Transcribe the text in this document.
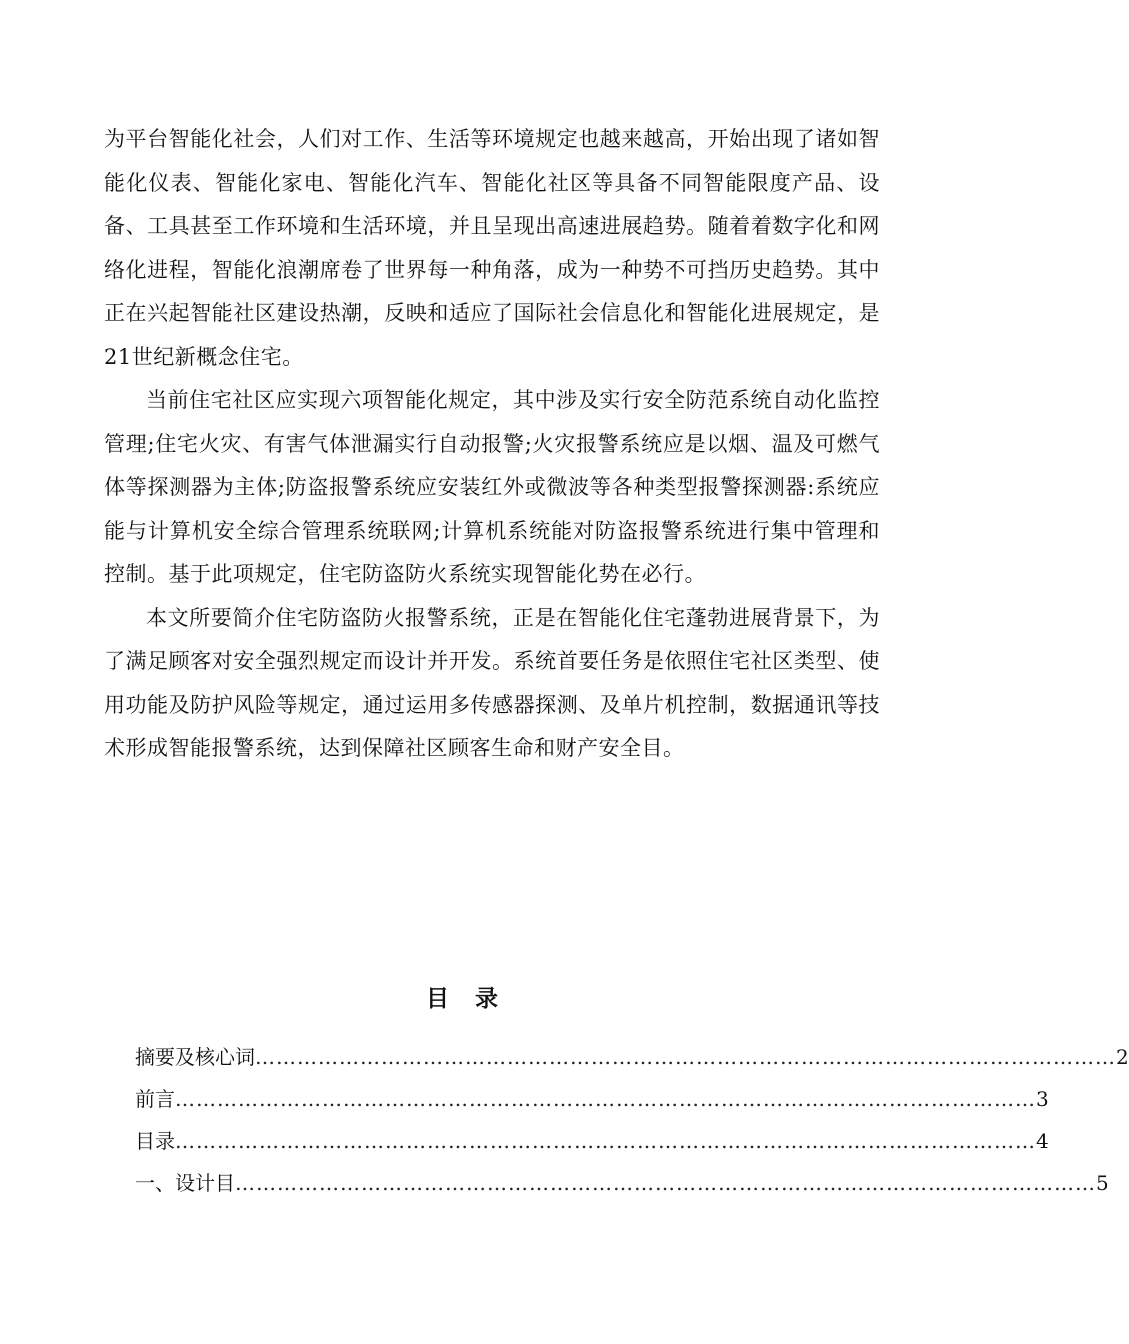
为平台智能化社会，人们对工作、生活等环境规定也越来越高，开始出现了诸如智能化仪表、智能化家电、智能化汽车、智能化社区等具备不同智能限度产品、设备、工具甚至工作环境和生活环境，并且呈现出高速进展趋势。随着着数字化和网络化进程，智能化浪潮席卷了世界每一种角落，成为一种势不可挡历史趋势。其中正在兴起智能社区建设热潮，反映和适应了国际社会信息化和智能化进展规定，是21世纪新概念住宅。

当前住宅社区应实现六项智能化规定，其中涉及实行安全防范系统自动化监控管理;住宅火灾、有害气体泄漏实行自动报警;火灾报警系统应是以烟、温及可燃气体等探测器为主体;防盗报警系统应安装红外或微波等各种类型报警探测器:系统应能与计算机安全综合管理系统联网;计算机系统能对防盗报警系统进行集中管理和控制。基于此项规定，住宅防盗防火系统实现智能化势在必行。

本文所要简介住宅防盗防火报警系统，正是在智能化住宅蓬勃进展背景下，为了满足顾客对安全强烈规定而设计并开发。系统首要任务是依照住宅社区类型、使用功能及防护风险等规定，通过运用多传感器探测、及单片机控制，数据通讯等技术形成智能报警系统，达到保障社区顾客生命和财产安全目。

目录
摘要及核心词 …………………………………………………………………………………………………………… 2
前言 …………………………………………………………………………………………………………… 3
目录 …………………………………………………………………………………………………………… 4
一、设计目 …………………………………………………………………………………………………………… 5
